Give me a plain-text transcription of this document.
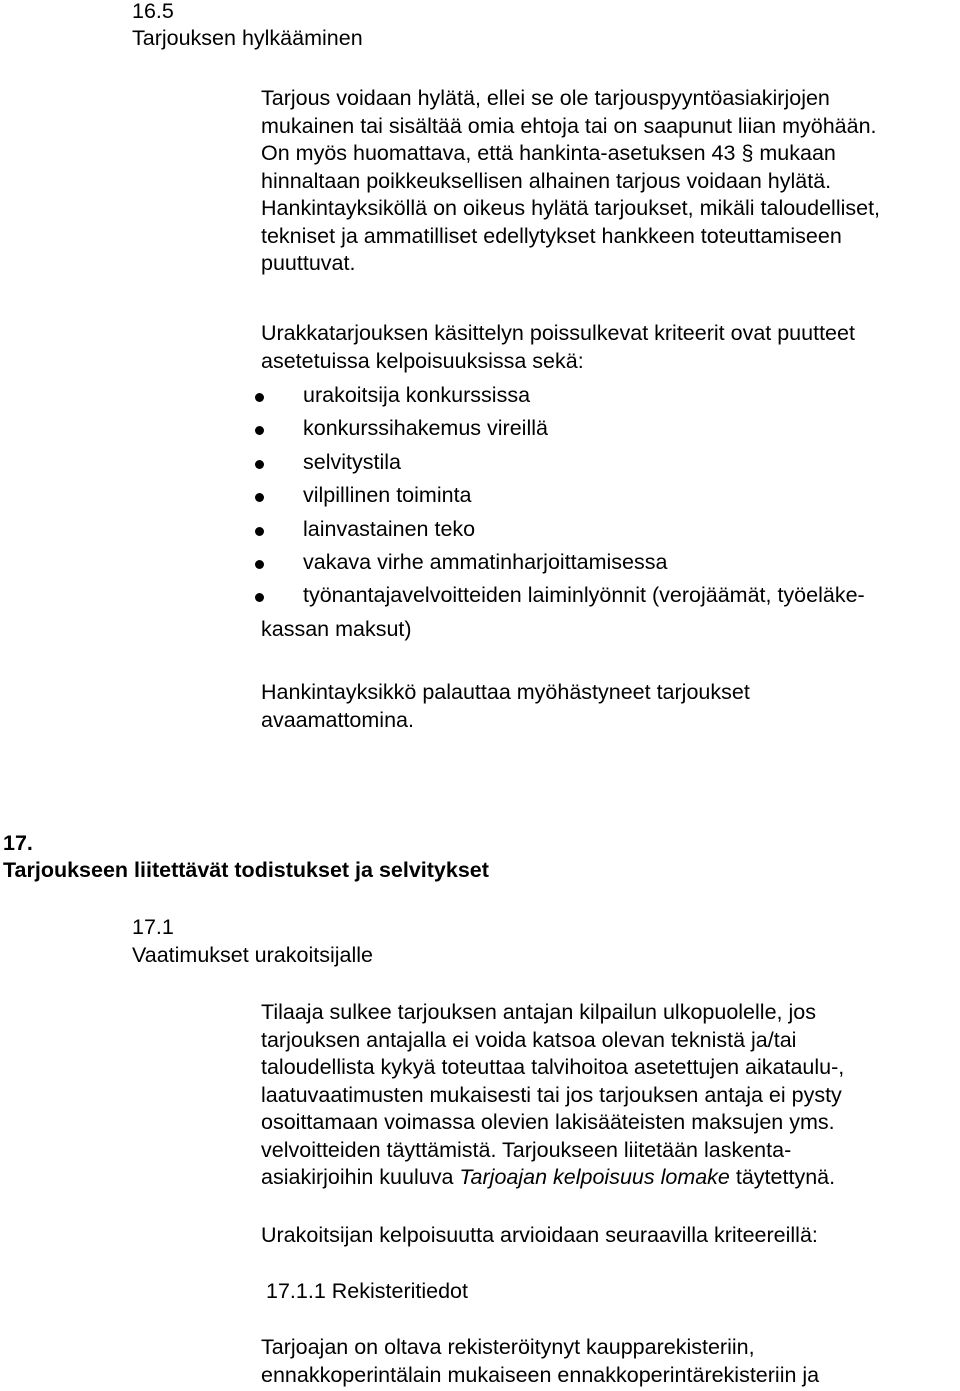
16.5
Tarjouksen hylkääminen
Tarjous voidaan hylätä, ellei se ole tarjouspyyntöasiakirjojen
mukainen tai sisältää omia ehtoja tai on saapunut liian myöhään.
On myös huomattava, että hankinta-asetuksen 43 § mukaan
hinnaltaan poikkeuksellisen alhainen tarjous voidaan hylätä.
Hankintayksiköllä on oikeus hylätä tarjoukset, mikäli taloudelliset,
tekniset ja ammatilliset edellytykset hankkeen toteuttamiseen
puuttuvat.
Urakkatarjouksen käsittelyn poissulkevat kriteerit ovat puutteet
asetetuissa kelpoisuuksissa sekä:
urakoitsija konkurssissa
konkurssihakemus vireillä
selvitystila
vilpillinen toiminta
lainvastainen teko
vakava virhe ammatinharjoittamisessa
työnantajavelvoitteiden laiminlyönnit (verojäämät, työeläke-
kassan maksut)
Hankintayksikkö palauttaa myöhästyneet tarjoukset
avaamattomina.
17.
Tarjoukseen liitettävät todistukset ja selvitykset
17.1
Vaatimukset urakoitsijalle
Tilaaja sulkee tarjouksen antajan kilpailun ulkopuolelle, jos
tarjouksen antajalla ei voida katsoa olevan teknistä ja/tai
taloudellista kykyä toteuttaa talvihoitoa asetettujen aikataulu-,
laatuvaatimusten mukaisesti tai jos tarjouksen antaja ei pysty
osoittamaan voimassa olevien lakisääteisten maksujen yms.
velvoitteiden täyttämistä. Tarjoukseen liitetään laskenta-
asiakirjoihin kuuluva Tarjoajan kelpoisuus lomake täytettynä.
Urakoitsijan kelpoisuutta arvioidaan seuraavilla kriteereillä:
17.1.1 Rekisteritiedot
Tarjoajan on oltava rekisteröitynyt kaupparekisteriin,
ennakkoperintälain mukaiseen ennakkoperintärekisteriin ja
